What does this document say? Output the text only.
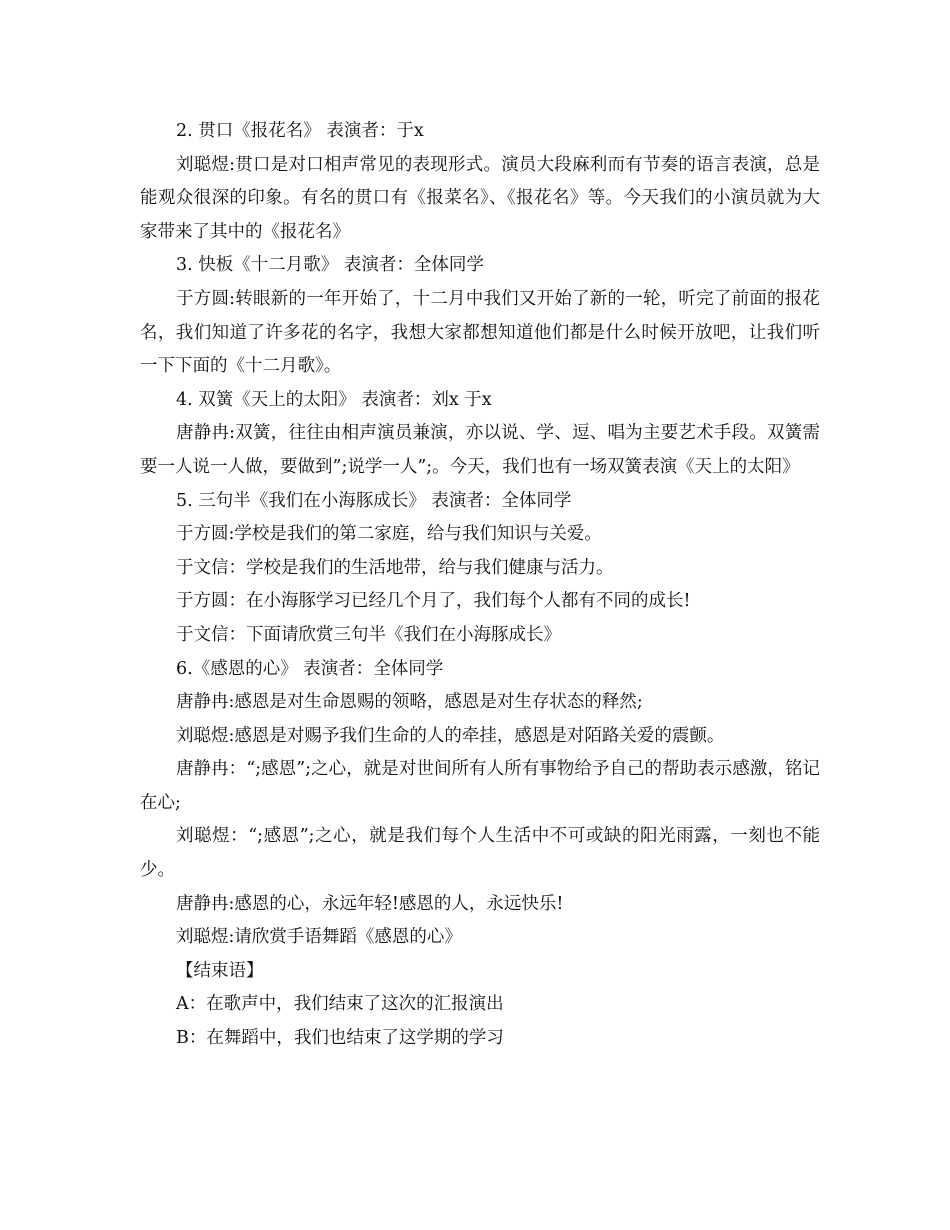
2. 贯口《报花名》 表演者：于x

刘聪煜:贯口是对口相声常见的表现形式。演员大段麻利而有节奏的语言表演，总是能观众很深的印象。有名的贯口有《报菜名》、《报花名》等。今天我们的小演员就为大家带来了其中的《报花名》

3. 快板《十二月歌》 表演者：全体同学

于方圆:转眼新的一年开始了，十二月中我们又开始了新的一轮，听完了前面的报花名，我们知道了许多花的名字，我想大家都想知道他们都是什么时候开放吧，让我们听一下下面的《十二月歌》。

4. 双簧《天上的太阳》 表演者：刘x 于x

唐静冉:双簧，往往由相声演员兼演，亦以说、学、逗、唱为主要艺术手段。双簧需要一人说一人做，要做到”;说学一人”;。今天，我们也有一场双簧表演《天上的太阳》

5. 三句半《我们在小海豚成长》 表演者：全体同学

于方圆:学校是我们的第二家庭，给与我们知识与关爱。

于文信：学校是我们的生活地带，给与我们健康与活力。

于方圆：在小海豚学习已经几个月了，我们每个人都有不同的成长!

于文信：下面请欣赏三句半《我们在小海豚成长》

6.《感恩的心》 表演者：全体同学

唐静冉:感恩是对生命恩赐的领略，感恩是对生存状态的释然;

刘聪煜:感恩是对赐予我们生命的人的牵挂，感恩是对陌路关爱的震颤。

唐静冉：“;感恩”;之心，就是对世间所有人所有事物给予自己的帮助表示感激，铭记在心;

刘聪煜：“;感恩”;之心，就是我们每个人生活中不可或缺的阳光雨露，一刻也不能少。

唐静冉:感恩的心，永远年轻!感恩的人，永远快乐!

刘聪煜:请欣赏手语舞蹈《感恩的心》

【结束语】

A：在歌声中，我们结束了这次的汇报演出

B：在舞蹈中，我们也结束了这学期的学习
